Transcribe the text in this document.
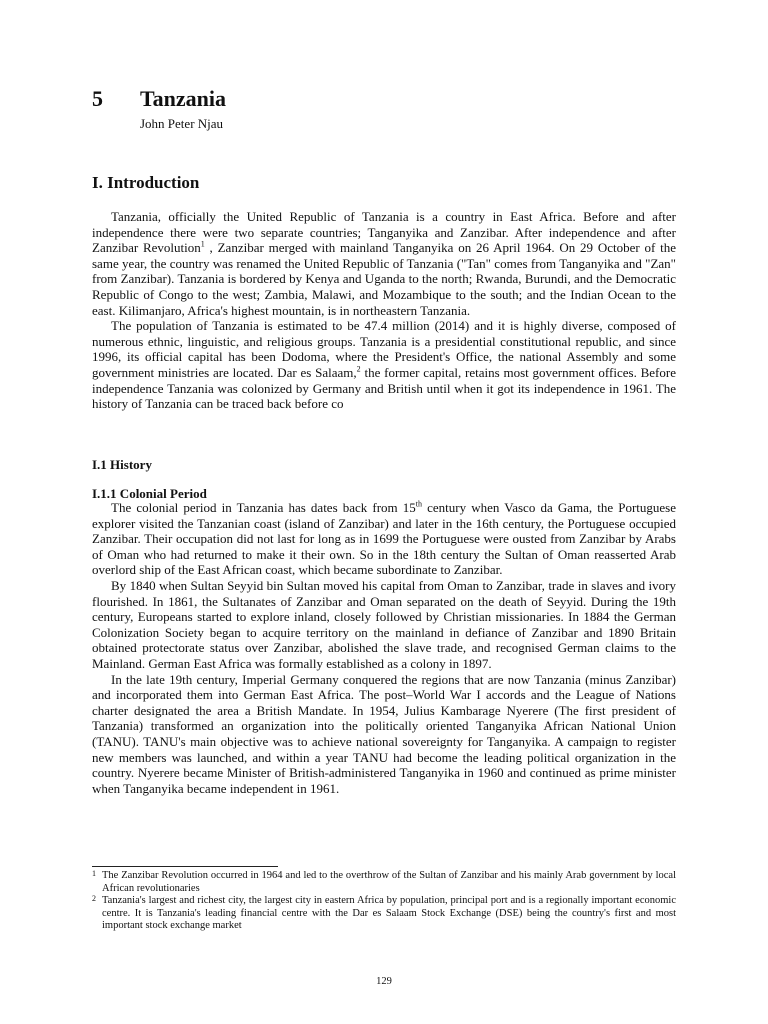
5 Tanzania
John Peter Njau
I. Introduction

Tanzania, officially the United Republic of Tanzania is a country in East Africa. Before and after independence there were two separate countries; Tanganyika and Zanzibar. After independence and after Zanzibar Revolution$^1$ , Zanzibar merged with mainland Tanganyika on 26 April 1964. On 29 October of the same year, the country was renamed the United Republic of Tanzania ("Tan" comes from Tanganyika and "Zan" from Zanzibar). Tanzania is bordered by Kenya and Uganda to the north; Rwanda, Burundi, and the Democratic Republic of Congo to the west; Zambia, Malawi, and Mozambique to the south; and the Indian Ocean to the east. Kilimanjaro, Africa's highest mountain, is in northeastern Tanzania.

The population of Tanzania is estimated to be 47.4 million (2014) and it is highly diverse, composed of numerous ethnic, linguistic, and religious groups. Tanzania is a presidential constitutional republic, and since 1996, its official capital has been Dodoma, where the President's Office, the national Assembly and some government ministries are located. Dar es Salaam,$^2$ the former capital, retains most government offices. Before independence Tanzania was colonized by Germany and British until when it got its independence in 1961. The history of Tanzania can be traced back before co

I.1 History
I.1.1 Colonial Period

The colonial period in Tanzania has dates back from 15th century when Vasco da Gama, the Portuguese explorer visited the Tanzanian coast (island of Zanzibar) and later in the 16th century, the Portuguese occupied Zanzibar. Their occupation did not last for long as in 1699 the Portuguese were ousted from Zanzibar by Arabs of Oman who had returned to make it their own. So in the 18th century the Sultan of Oman reasserted Arab overlord ship of the East African coast, which became subordinate to Zanzibar.

By 1840 when Sultan Seyyid bin Sultan moved his capital from Oman to Zanzibar, trade in slaves and ivory flourished. In 1861, the Sultanates of Zanzibar and Oman separated on the death of Seyyid. During the 19th century, Europeans started to explore inland, closely followed by Christian missionaries. In 1884 the German Colonization Society began to acquire territory on the mainland in defiance of Zanzibar and 1890 Britain obtained protectorate status over Zanzibar, abolished the slave trade, and recognised German claims to the Mainland. German East Africa was formally established as a colony in 1897.

In the late 19th century, Imperial Germany conquered the regions that are now Tanzania (minus Zanzibar) and incorporated them into German East Africa. The post–World War I accords and the League of Nations charter designated the area a British Mandate. In 1954, Julius Kambarage Nyerere (The first president of Tanzania) transformed an organization into the politically oriented Tanganyika African National Union (TANU). TANU's main objective was to achieve national sovereignty for Tanganyika. A campaign to register new members was launched, and within a year TANU had become the leading political organization in the country. Nyerere became Minister of British-administered Tanganyika in 1960 and continued as prime minister when Tanganyika became independent in 1961.

1 The Zanzibar Revolution occurred in 1964 and led to the overthrow of the Sultan of Zanzibar and his mainly Arab government by local African revolutionaries

2 Tanzania's largest and richest city, the largest city in eastern Africa by population, principal port and is a regionally important economic centre. It is Tanzania's leading financial centre with the Dar es Salaam Stock Exchange (DSE) being the country's first and most important stock exchange market

129
